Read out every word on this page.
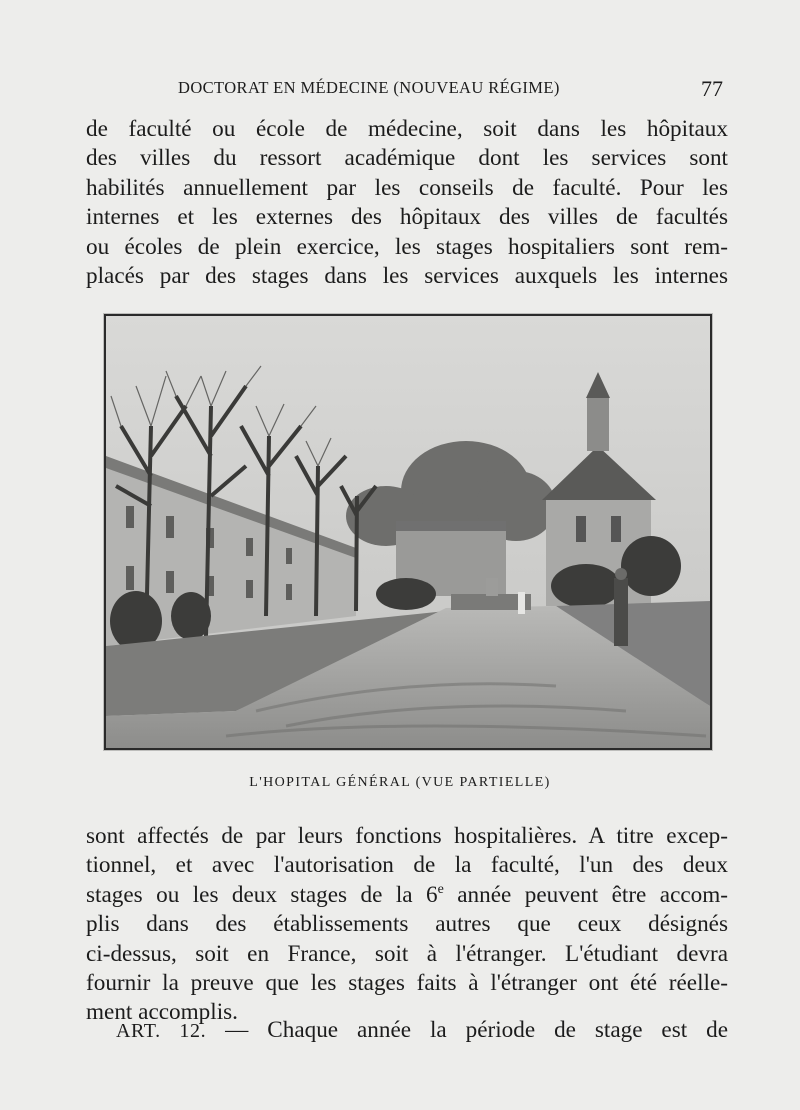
DOCTORAT EN MÉDECINE (NOUVEAU RÉGIME)	77

de faculté ou école de médecine, soit dans les hôpitaux
des villes du ressort académique dont les services sont
habilités annuellement par les conseils de faculté. Pour les
internes et les externes des hôpitaux des villes de facultés
ou écoles de plein exercice, les stages hospitaliers sont rem-
placés par des stages dans les services auxquels les internes

L'HOPITAL GÉNÉRAL (VUE PARTIELLE)

sont affectés de par leurs fonctions hospitalières. A titre excep-
tionnel, et avec l'autorisation de la faculté, l'un des deux
stages ou les deux stages de la 6e année peuvent être accom-
plis dans des établissements autres que ceux désignés
ci-dessus, soit en France, soit à l'étranger. L'étudiant devra
fournir la preuve que les stages faits à l'étranger ont été réelle-
ment accomplis.

ART. 12. — Chaque année la période de stage est de
